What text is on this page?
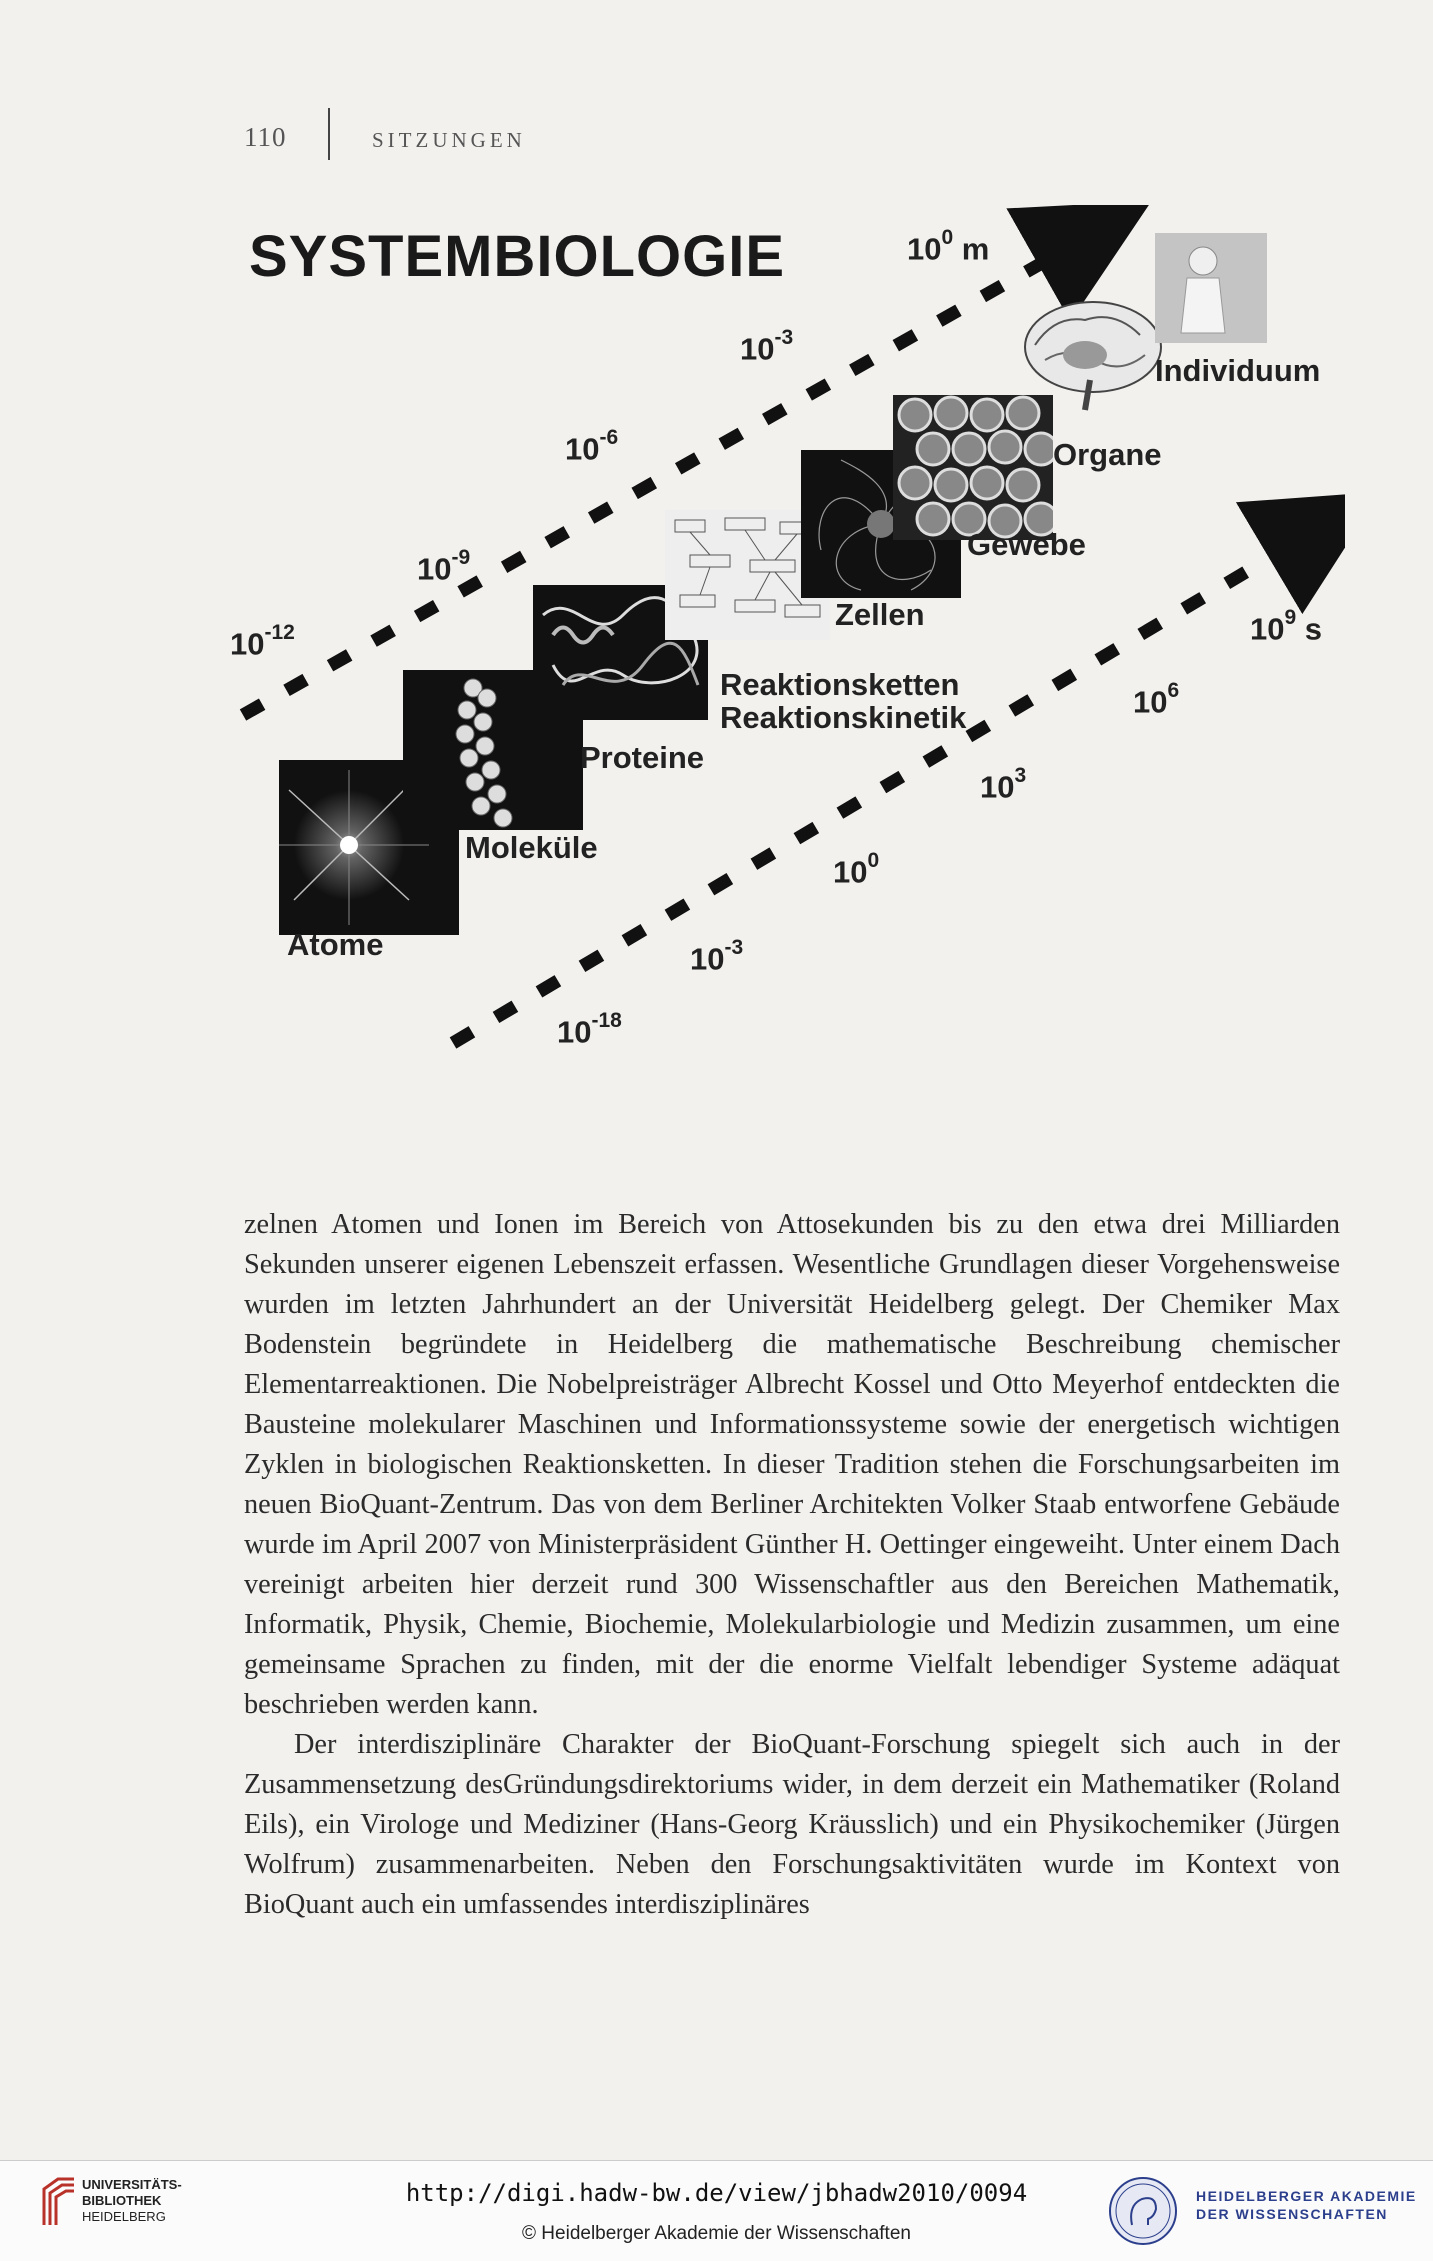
110	SITZUNGEN
SYSTEMBIOLOGIE
Atome
Moleküle
Proteine
Reaktionsketten
Reaktionskinetik
Zellen
Gewebe
Organe
Individuum
$10^{-12}$
$10^{-9}$
$10^{-6}$
$10^{-3}$
$10^0$ m
$10^{-18}$
$10^{-3}$
$10^0$
$10^3$
$10^6$
$10^9$ s

zelnen Atomen und Ionen im Bereich von Attosekunden bis zu den etwa drei Milliarden Sekunden unserer eigenen Lebenszeit erfassen. Wesentliche Grundlagen dieser Vorgehensweise wurden im letzten Jahrhundert an der Universität Heidelberg gelegt. Der Chemiker Max Bodenstein begründete in Heidelberg die mathematische Beschreibung chemischer Elementarreaktionen. Die Nobelpreisträger Albrecht Kossel und Otto Meyerhof entdeckten die Bausteine molekularer Maschinen und Informationssysteme sowie der energetisch wichtigen Zyklen in biologischen Reaktionsketten. In dieser Tradition stehen die Forschungsarbeiten im neuen BioQuant-Zentrum. Das von dem Berliner Architekten Volker Staab entworfene Gebäude wurde im April 2007 von Ministerpräsident Günther H. Oettinger eingeweiht. Unter einem Dach vereinigt arbeiten hier derzeit rund 300 Wissenschaftler aus den Bereichen Mathematik, Informatik, Physik, Chemie, Biochemie, Molekularbiologie und Medizin zusammen, um eine gemeinsame Sprachen zu finden, mit der die enorme Vielfalt lebendiger Systeme adäquat beschrieben werden kann.

Der interdisziplinäre Charakter der BioQuant-Forschung spiegelt sich auch in der Zusammensetzung desGründungsdirektoriums wider, in dem derzeit ein Mathematiker (Roland Eils), ein Virologe und Mediziner (Hans-Georg Kräusslich) und ein Physikochemiker (Jürgen Wolfrum) zusammenarbeiten. Neben den Forschungsaktivitäten wurde im Kontext von BioQuant auch ein umfassendes interdisziplinäres

UNIVERSITÄTS-
BIBLIOTHEK
HEIDELBERG
http://digi.hadw-bw.de/view/jbhadw2010/0094
© Heidelberger Akademie der Wissenschaften
HEIDELBERGER AKADEMIE
DER WISSENSCHAFTEN
